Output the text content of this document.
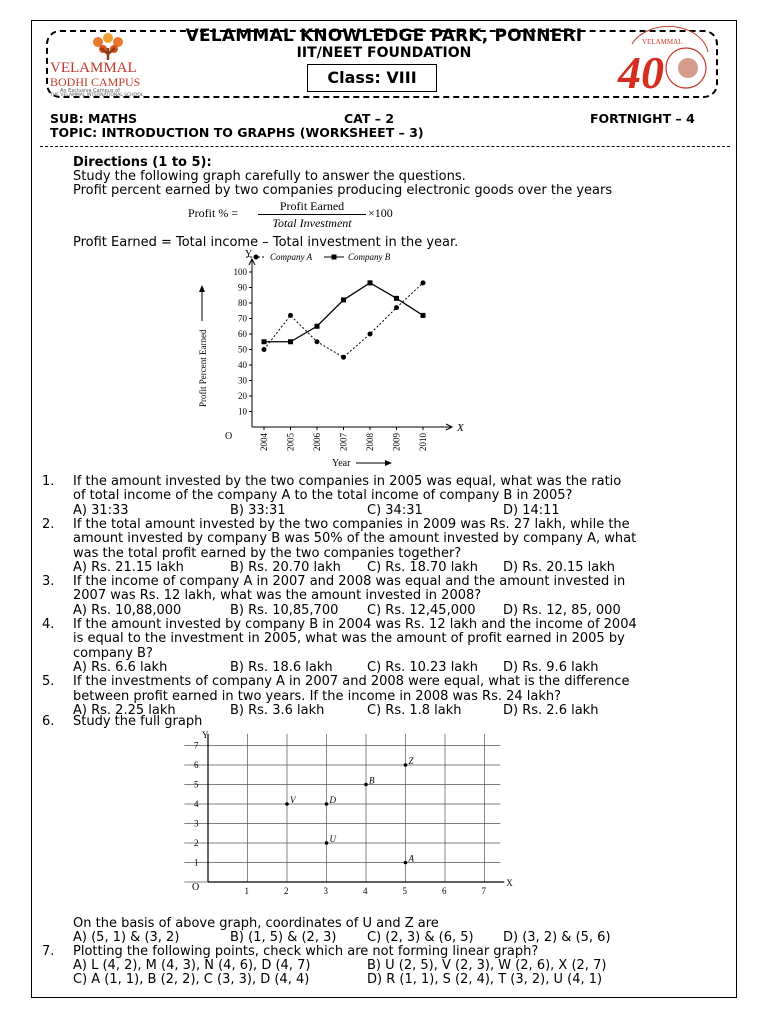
VELAMMAL
BODHI CAMPUS
An Exclusive Campus of
THE VELAMMAL INTERNATIONAL SCHOOL	40
VELAMMAL
VELAMMAL KNOWLEDGE PARK, PONNERI
IIT/NEET FOUNDATION
Class: VIII
SUB: MATHS	CAT – 2	FORTNIGHT – 4
TOPIC: INTRODUCTION TO GRAPHS (WORKSHEET – 3)
Directions (1 to 5):
Study the following graph carefully to answer the questions.
Profit percent earned by two companies producing electronic goods over the years
Profit % =	Profit Earned
Total Investment
×100
Profit Earned = Total income – Total investment in the year.
Y
X
O
10
20
30
40
50
60
70
80
90
100
2004 2005 2006 2007 2008 2009 2010
Profit Percent Earned
Year
Company A	Company B
1. If the amount invested by the two companies in 2005 was equal, what was the ratio
of total income of the company A to the total income of company B in 2005?
A) 31:33	B) 33:31	C) 34:31	D) 14:11
2. If the total amount invested by the two companies in 2009 was Rs. 27 lakh, while the
amount invested by company B was 50% of the amount invested by company A, what
was the total profit earned by the two companies together?
A) Rs. 21.15 lakh	B) Rs. 20.70 lakh C) Rs. 18.70 lakh D) Rs. 20.15 lakh
3. If the income of company A in 2007 and 2008 was equal and the amount invested in
2007 was Rs. 12 lakh, what was the amount invested in 2008?
A) Rs. 10,88,000	B) Rs. 10,85,700 C) Rs. 12,45,000 D) Rs. 12, 85, 000
4. If the amount invested by company B in 2004 was Rs. 12 lakh and the income of 2004
is equal to the investment in 2005, what was the amount of profit earned in 2005 by
company B?
A) Rs. 6.6 lakh	B) Rs. 18.6 lakh	C) Rs. 10.23 lakh D) Rs. 9.6 lakh
5. If the investments of company A in 2007 and 2008 were equal, what is the difference
between profit earned in two years. If the income in 2008 was Rs. 24 lakh?
A) Rs. 2.25 lakh	B) Rs. 3.6 lakh	C) Rs. 1.8 lakh	D) Rs. 2.6 lakh
Y
X
O	1	2	3	4	5	6	7
1
2
3
4
5
6
7
V	D
B
Z
U
A
6. Study the full graph
On the basis of above graph, coordinates of U and Z are
A) (5, 1) & (3, 2)	B) (1, 5) & (2, 3) C) (2, 3) & (6, 5) D) (3, 2) & (5, 6)
7. Plotting the following points, check which are not forming linear graph?
A) L (4, 2), M (4, 3), N (4, 6), D (4, 7)	B) U (2, 5), V (2, 3), W (2, 6), X (2, 7)
C) A (1, 1), B (2, 2), C (3, 3), D (4, 4)	D) R (1, 1), S (2, 4), T (3, 2), U (4, 1)
